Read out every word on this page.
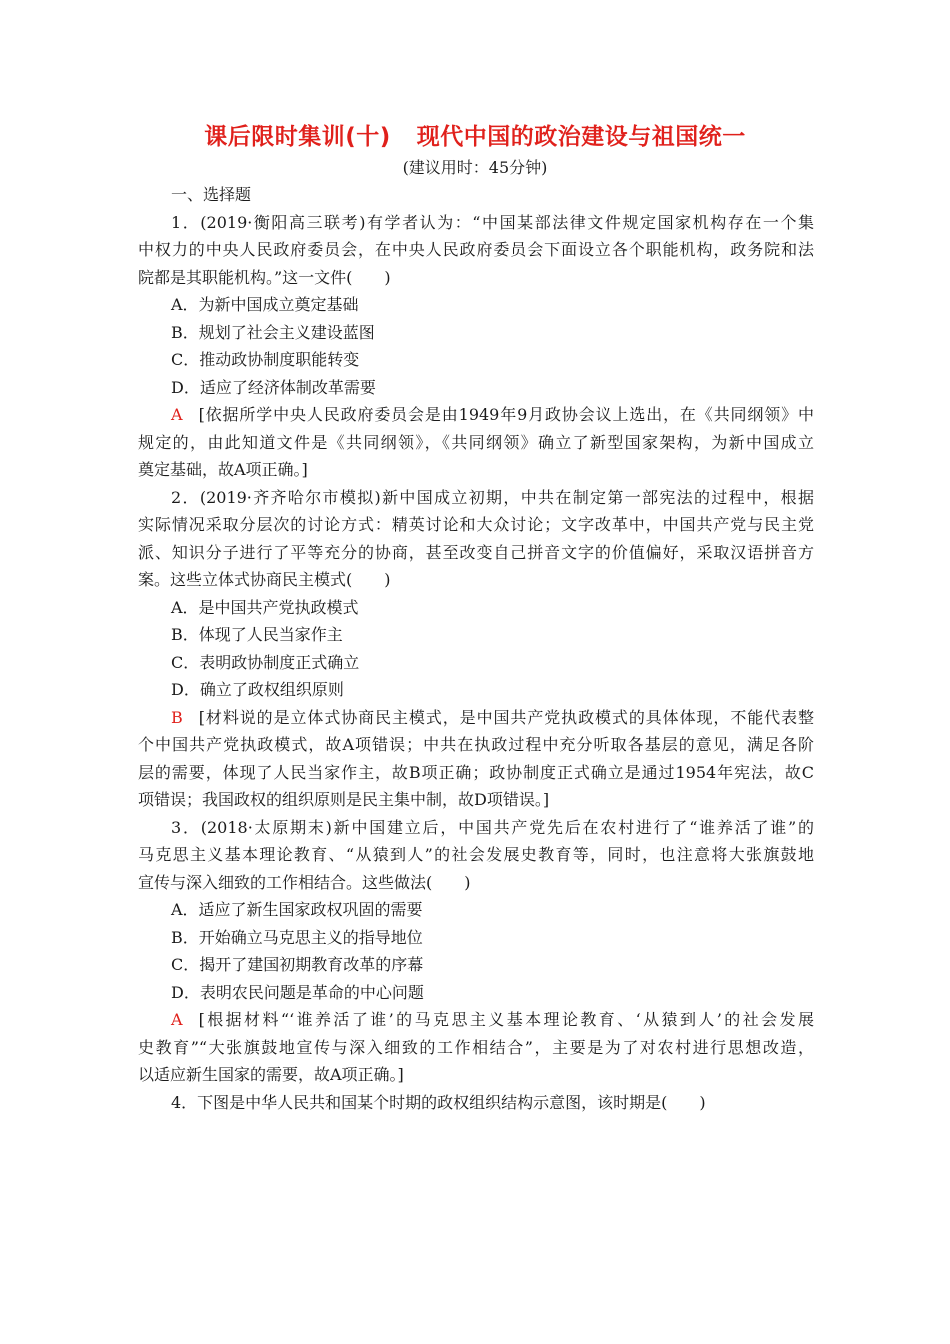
课后限时集训(十) 现代中国的政治建设与祖国统一
(建议用时：45分钟)
一、选择题
1．(2019·衡阳高三联考)有学者认为：“中国某部法律文件规定国家机构存在一个集
中权力的中央人民政府委员会，在中央人民政府委员会下面设立各个职能机构，政务院和法
院都是其职能机构。”这一文件(　　)
A．为新中国成立奠定基础
B．规划了社会主义建设蓝图
C．推动政协制度职能转变
D．适应了经济体制改革需要
A [依据所学中央人民政府委员会是由1949年9月政协会议上选出，在《共同纲领》中
规定的，由此知道文件是《共同纲领》，《共同纲领》确立了新型国家架构，为新中国成立
奠定基础，故A项正确。]
2．(2019·齐齐哈尔市模拟)新中国成立初期，中共在制定第一部宪法的过程中，根据
实际情况采取分层次的讨论方式：精英讨论和大众讨论；文字改革中，中国共产党与民主党
派、知识分子进行了平等充分的协商，甚至改变自己拼音文字的价值偏好，采取汉语拼音方
案。这些立体式协商民主模式(　　)
A．是中国共产党执政模式
B．体现了人民当家作主
C．表明政协制度正式确立
D．确立了政权组织原则
B [材料说的是立体式协商民主模式，是中国共产党执政模式的具体体现，不能代表整
个中国共产党执政模式，故A项错误；中共在执政过程中充分听取各基层的意见，满足各阶
层的需要，体现了人民当家作主，故B项正确；政协制度正式确立是通过1954年宪法，故C
项错误；我国政权的组织原则是民主集中制，故D项错误。]
3．(2018·太原期末)新中国建立后，中国共产党先后在农村进行了“谁养活了谁”的
马克思主义基本理论教育、“从猿到人”的社会发展史教育等，同时，也注意将大张旗鼓地
宣传与深入细致的工作相结合。这些做法(　　)
A．适应了新生国家政权巩固的需要
B．开始确立马克思主义的指导地位
C．揭开了建国初期教育改革的序幕
D．表明农民问题是革命的中心问题
A [根据材料“‘谁养活了谁’的马克思主义基本理论教育、‘从猿到人’的社会发展
史教育”“大张旗鼓地宣传与深入细致的工作相结合”，主要是为了对农村进行思想改造，
以适应新生国家的需要，故A项正确。]
4．下图是中华人民共和国某个时期的政权组织结构示意图，该时期是(　　)
